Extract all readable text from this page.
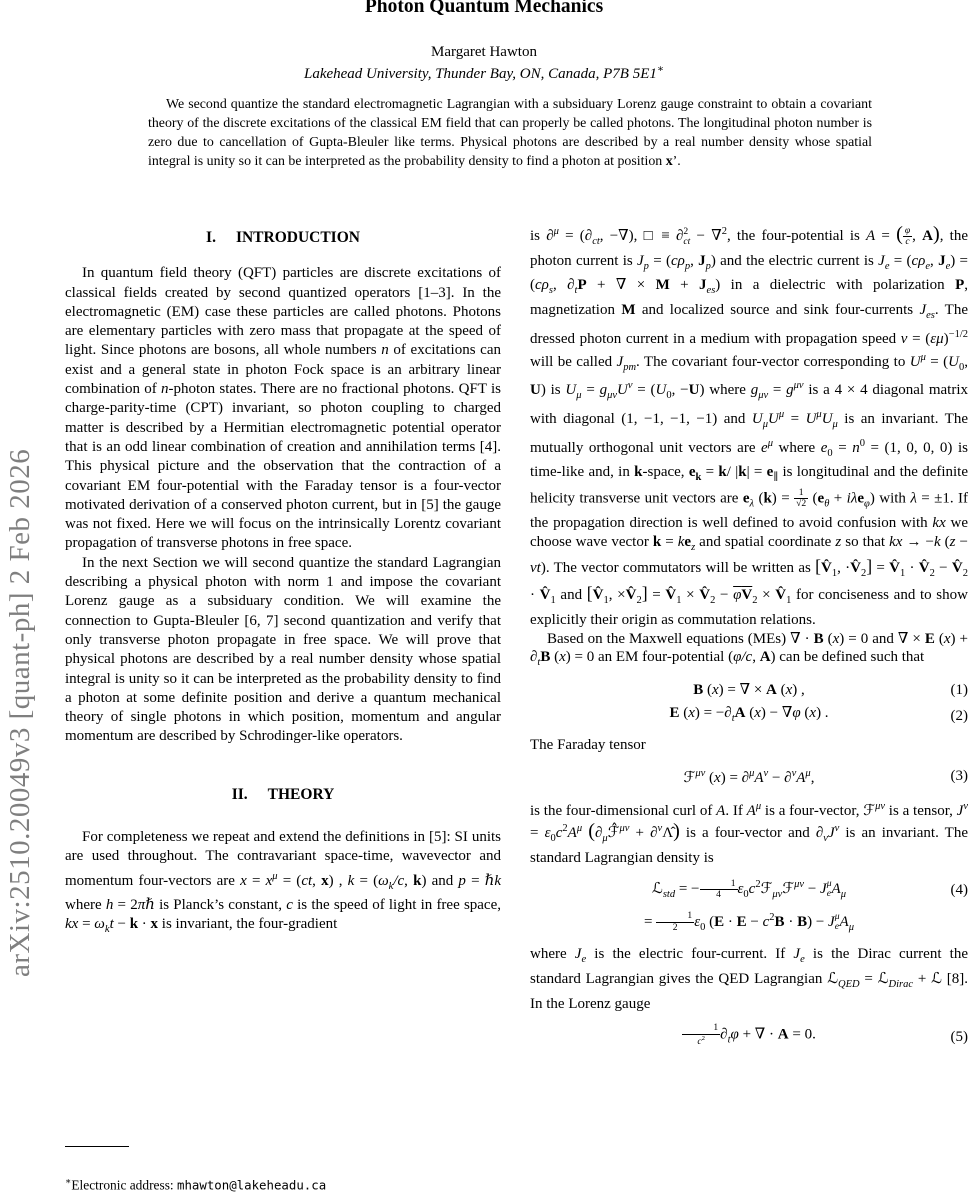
arXiv:2510.20049v3 [quant-ph] 2 Feb 2026
Photon Quantum Mechanics
Margaret Hawton
Lakehead University, Thunder Bay, ON, Canada, P7B 5E1∗

We second quantize the standard electromagnetic Lagrangian with a subsiduary Lorenz gauge constraint to obtain a covariant theory of the discrete excitations of the classical EM field that can properly be called photons. The longitudinal photon number is zero due to cancellation of Gupta-Bleuler like terms. Physical photons are described by a real number density whose spatial integral is unity so it can be interpreted as the probability density to find a photon at position x’.

I. INTRODUCTION

In quantum field theory (QFT) particles are discrete excitations of classical fields created by second quantized operators [1–3]. In the electromagnetic (EM) case these particles are called photons. Photons are elementary particles with zero mass that propagate at the speed of light. Since photons are bosons, all whole numbers n of excitations can exist and a general state in photon Fock space is an arbitrary linear combination of n-photon states. There are no fractional photons. QFT is charge-parity-time (CPT) invariant, so photon coupling to charged matter is described by a Hermitian electromagnetic potential operator that is an odd linear combination of creation and annihilation terms [4]. This physical picture and the observation that the contraction of a covariant EM four-potential with the Faraday tensor is a four-vector motivated derivation of a conserved photon current, but in [5] the gauge was not fixed. Here we will focus on the intrinsically Lorentz covariant propagation of transverse photons in free space.

In the next Section we will second quantize the standard Lagrangian describing a physical photon with norm 1 and impose the covariant Lorenz gauge as a subsiduary condition. We will examine the connection to Gupta-Bleuler [6, 7] second quantization and verify that only transverse photon propagate in free space. We will prove that physical photons are described by a real number density whose spatial integral is unity so it can be interpreted as the probability density to find a photon at some definite position and derive a quantum mechanical theory of single photons in which position, momentum and angular momentum are described by Schrodinger-like operators.

II. THEORY

For completeness we repeat and extend the definitions in [5]: SI units are used throughout. The contravariant space-time, wavevector and momentum four-vectors are $x = x^\mu = (ct$, x) , $k = (\omega_k/c$, k) and p = ℏk where h = 2πℏ is Planck’s constant, c is the speed of light in free space, kx = $\omega_kt - k \cdot x$ is invariant, the four-gradient

is $\partial^\mu = (\partial_{ct}$, −∇), □ ≡ ∂ 2
ct − ∇$^2$, the four-potential is A = ( $\frac{\varphi}{c}$ , A), the photon current is $J_p = (c\rho_p$, $J_p$) and the electric current is $J_e = (c\rho_e$, $J_e) = (c\rho_s$, $\partial_tP$ + ∇ × $M + J_{es}$) in a dielectric with polarization P, magnetization M and localized source and sink four-currents $J_{es}$. The dressed photon current in a medium with propagation speed $v = (\varepsilon\mu)^{-1/2}$ will be called $J_{pm}$. The covariant four-vector corresponding to $U^\mu = (U_0$, U) is $U_\mu = g_{\mu\nu}U^\nu = (U_0$, −U) where $g_{\mu\nu} = g^{\mu\nu}$ is a 4 × 4 diagonal matrix with diagonal (1, −1, −1, −1) and $U_\mu U^\mu = U^\mu U_\mu$ is an invariant. The mutually orthogonal unit vectors are $e^\mu$ where $e_0 = n^0 = (1$, 0, 0, 0) is time-like and, in k-space, $e_k = k/$ $|k| = e_\parallel$ is longitudinal and the definite helicity transverse unit vectors are $e_\lambda$ $(k) = \frac{1}{√2} (e_\theta + i\lambda e_\varphi)$ with λ = ±1. If the propagation direction is well defined to avoid confusion with kx we choose wave vector $k = ke_z$ and spatial coordinate z so that kx → −k (z − vt). The vector commutators will be written as [$V̂_1$, $\cdot V̂_2$] = $V̂_1$ · $V̂_2$ − $V̂_2$ · $V̂_1$ and [$V̂_1$, $\times V̂_2$] = $V̂_1$ × $V̂_2 - \varphi V_2$ × $V̂_1$ for conciseness and to show explicitly their origin as commutation relations.

Based on the Maxwell equations (MEs) ∇ · B (x) = 0 and ∇ × E $(x) + \partial_tB$ (x) = 0 an EM four-potential (φ/c, A) can be defined such that

B (x) = ∇ × A (x) ,	(1)
E $(x) = -\partial_tA$ (x) − ∇φ (x) .	(2)

The Faraday tensor

ℱ$^{\mu\nu}$ $(x) = \partial^\mu A^\nu - \partial^\nu A^\mu$,	(3)

is the four-dimensional curl of A. If $A^\mu$ is a four-vector, ℱ$^{\mu\nu}$ is a tensor, $J^\nu = \varepsilon_0c^2A^\mu$ ($\partial_\mu ℱ̂^{\mu\nu}$ + ∂$^\nu$Λ̂) is a four-vector and $\partial_\nu J^\nu$ is an invariant. The standard Lagrangian density is

ℒ$_{std}$ = − $\frac{1}{4}$ $\varepsilon_0c^2ℱ_{\mu\nu}ℱ^{\mu\nu} - J$ μ
e $A_\mu$	(4)
= $\frac{1}{2} \varepsilon_0$ $(E \cdot E - c^2B \cdot B) - J$ μ
e $A_\mu$

where $J_e$ is the electric four-current. If $J_e$ is the Dirac current the standard Lagrangian gives the QED Lagrangian ℒ$_{QED}$ = ℒ$_{Dirac}$ + ℒ [8]. In the Lorenz gauge

$\frac{1}{c^2} \partial_t\varphi$ + ∇ · A = 0.	(5)
∗Electronic address: mhawton@lakeheadu.ca
